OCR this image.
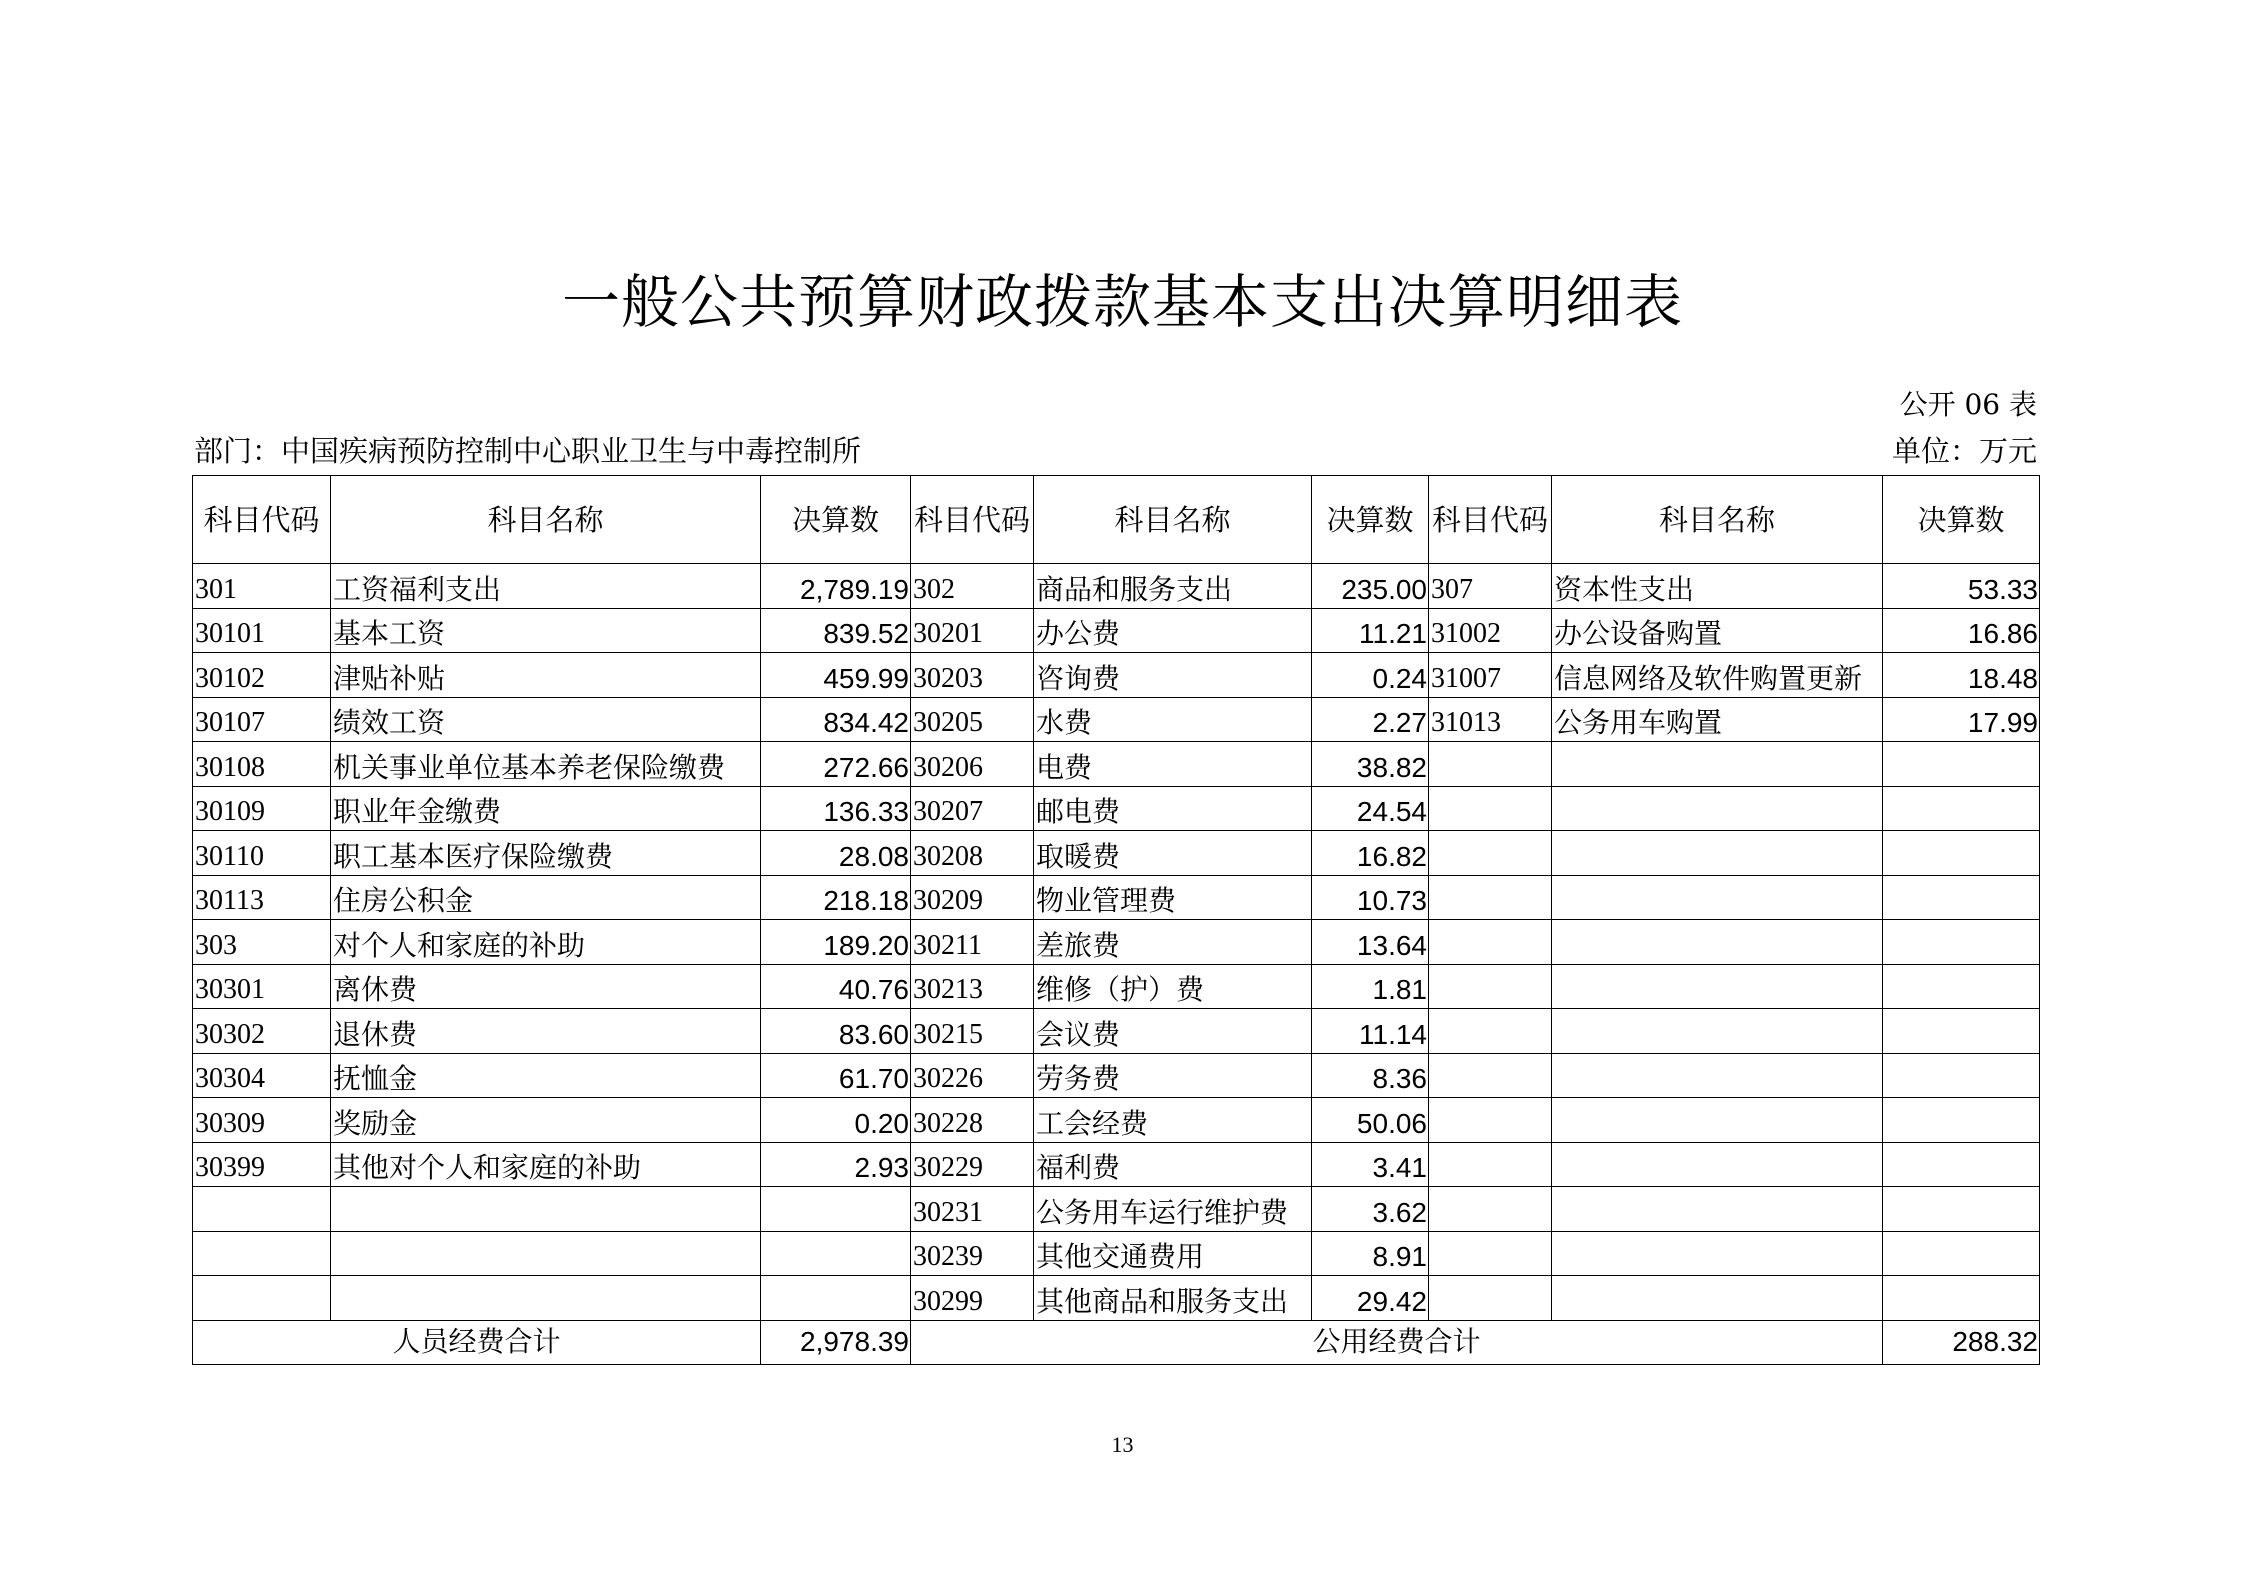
一般公共预算财政拨款基本支出决算明细表
公开 06 表
部门：中国疾病预防控制中心职业卫生与中毒控制所	单位：万元
科目代码	科目名称	决算数	科目代码	科目名称	决算数	科目代码	科目名称	决算数
301	工资福利支出	2,789.19	302	商品和服务支出	235.00	307	资本性支出	53.33
30101	基本工资	839.52	30201	办公费	11.21	31002	办公设备购置	16.86
30102	津贴补贴	459.99	30203	咨询费	0.24	31007	信息网络及软件购置更新	18.48
30107	绩效工资	834.42	30205	水费	2.27	31013	公务用车购置	17.99
30108	机关事业单位基本养老保险缴费	272.66	30206	电费	38.82			
30109	职业年金缴费	136.33	30207	邮电费	24.54			
30110	职工基本医疗保险缴费	28.08	30208	取暖费	16.82			
30113	住房公积金	218.18	30209	物业管理费	10.73			
303	对个人和家庭的补助	189.20	30211	差旅费	13.64			
30301	离休费	40.76	30213	维修（护）费	1.81			
30302	退休费	83.60	30215	会议费	11.14			
30304	抚恤金	61.70	30226	劳务费	8.36			
30309	奖励金	0.20	30228	工会经费	50.06			
30399	其他对个人和家庭的补助	2.93	30229	福利费	3.41			
			30231	公务用车运行维护费	3.62			
			30239	其他交通费用	8.91			
			30299	其他商品和服务支出	29.42			
人员经费合计		2,978.39	公用经费合计					288.32
13
